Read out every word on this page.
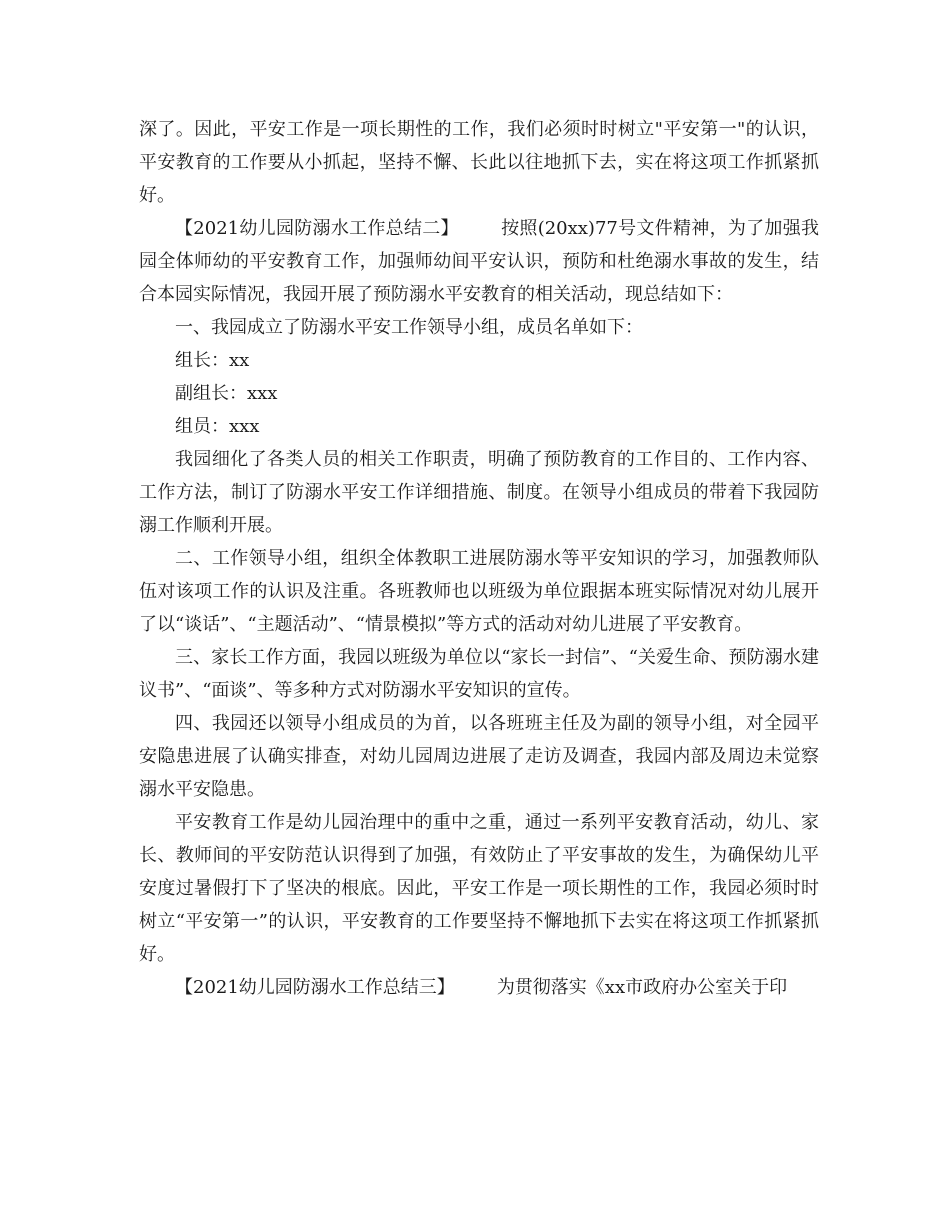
深了。因此，平安工作是一项长期性的工作，我们必须时时树立"平安第一"的认识，平安教育的工作要从小抓起，坚持不懈、长此以往地抓下去，实在将这项工作抓紧抓好。

【2021幼儿园防溺水工作总结二】 按照(20xx)77号文件精神，为了加强我园全体师幼的平安教育工作，加强师幼间平安认识，预防和杜绝溺水事故的发生，结合本园实际情况，我园开展了预防溺水平安教育的相关活动，现总结如下：

一、我园成立了防溺水平安工作领导小组，成员名单如下：

组长：xx

副组长：xxx

组员：xxx

我园细化了各类人员的相关工作职责，明确了预防教育的工作目的、工作内容、工作方法，制订了防溺水平安工作详细措施、制度。在领导小组成员的带着下我园防溺工作顺利开展。

二、工作领导小组，组织全体教职工进展防溺水等平安知识的学习，加强教师队伍对该项工作的认识及注重。各班教师也以班级为单位跟据本班实际情况对幼儿展开了以“谈话”、“主题活动”、“情景模拟”等方式的活动对幼儿进展了平安教育。

三、家长工作方面，我园以班级为单位以“家长一封信”、“关爱生命、预防溺水建议书”、“面谈”、等多种方式对防溺水平安知识的宣传。

四、我园还以领导小组成员的为首，以各班班主任及为副的领导小组，对全园平安隐患进展了认确实排查，对幼儿园周边进展了走访及调查，我园内部及周边未觉察溺水平安隐患。

平安教育工作是幼儿园治理中的重中之重，通过一系列平安教育活动，幼儿、家长、教师间的平安防范认识得到了加强，有效防止了平安事故的发生，为确保幼儿平安度过暑假打下了坚决的根底。因此，平安工作是一项长期性的工作，我园必须时时树立“平安第一”的认识，平安教育的工作要坚持不懈地抓下去实在将这项工作抓紧抓好。

【2021幼儿园防溺水工作总结三】 为贯彻落实《xx市政府办公室关于印
